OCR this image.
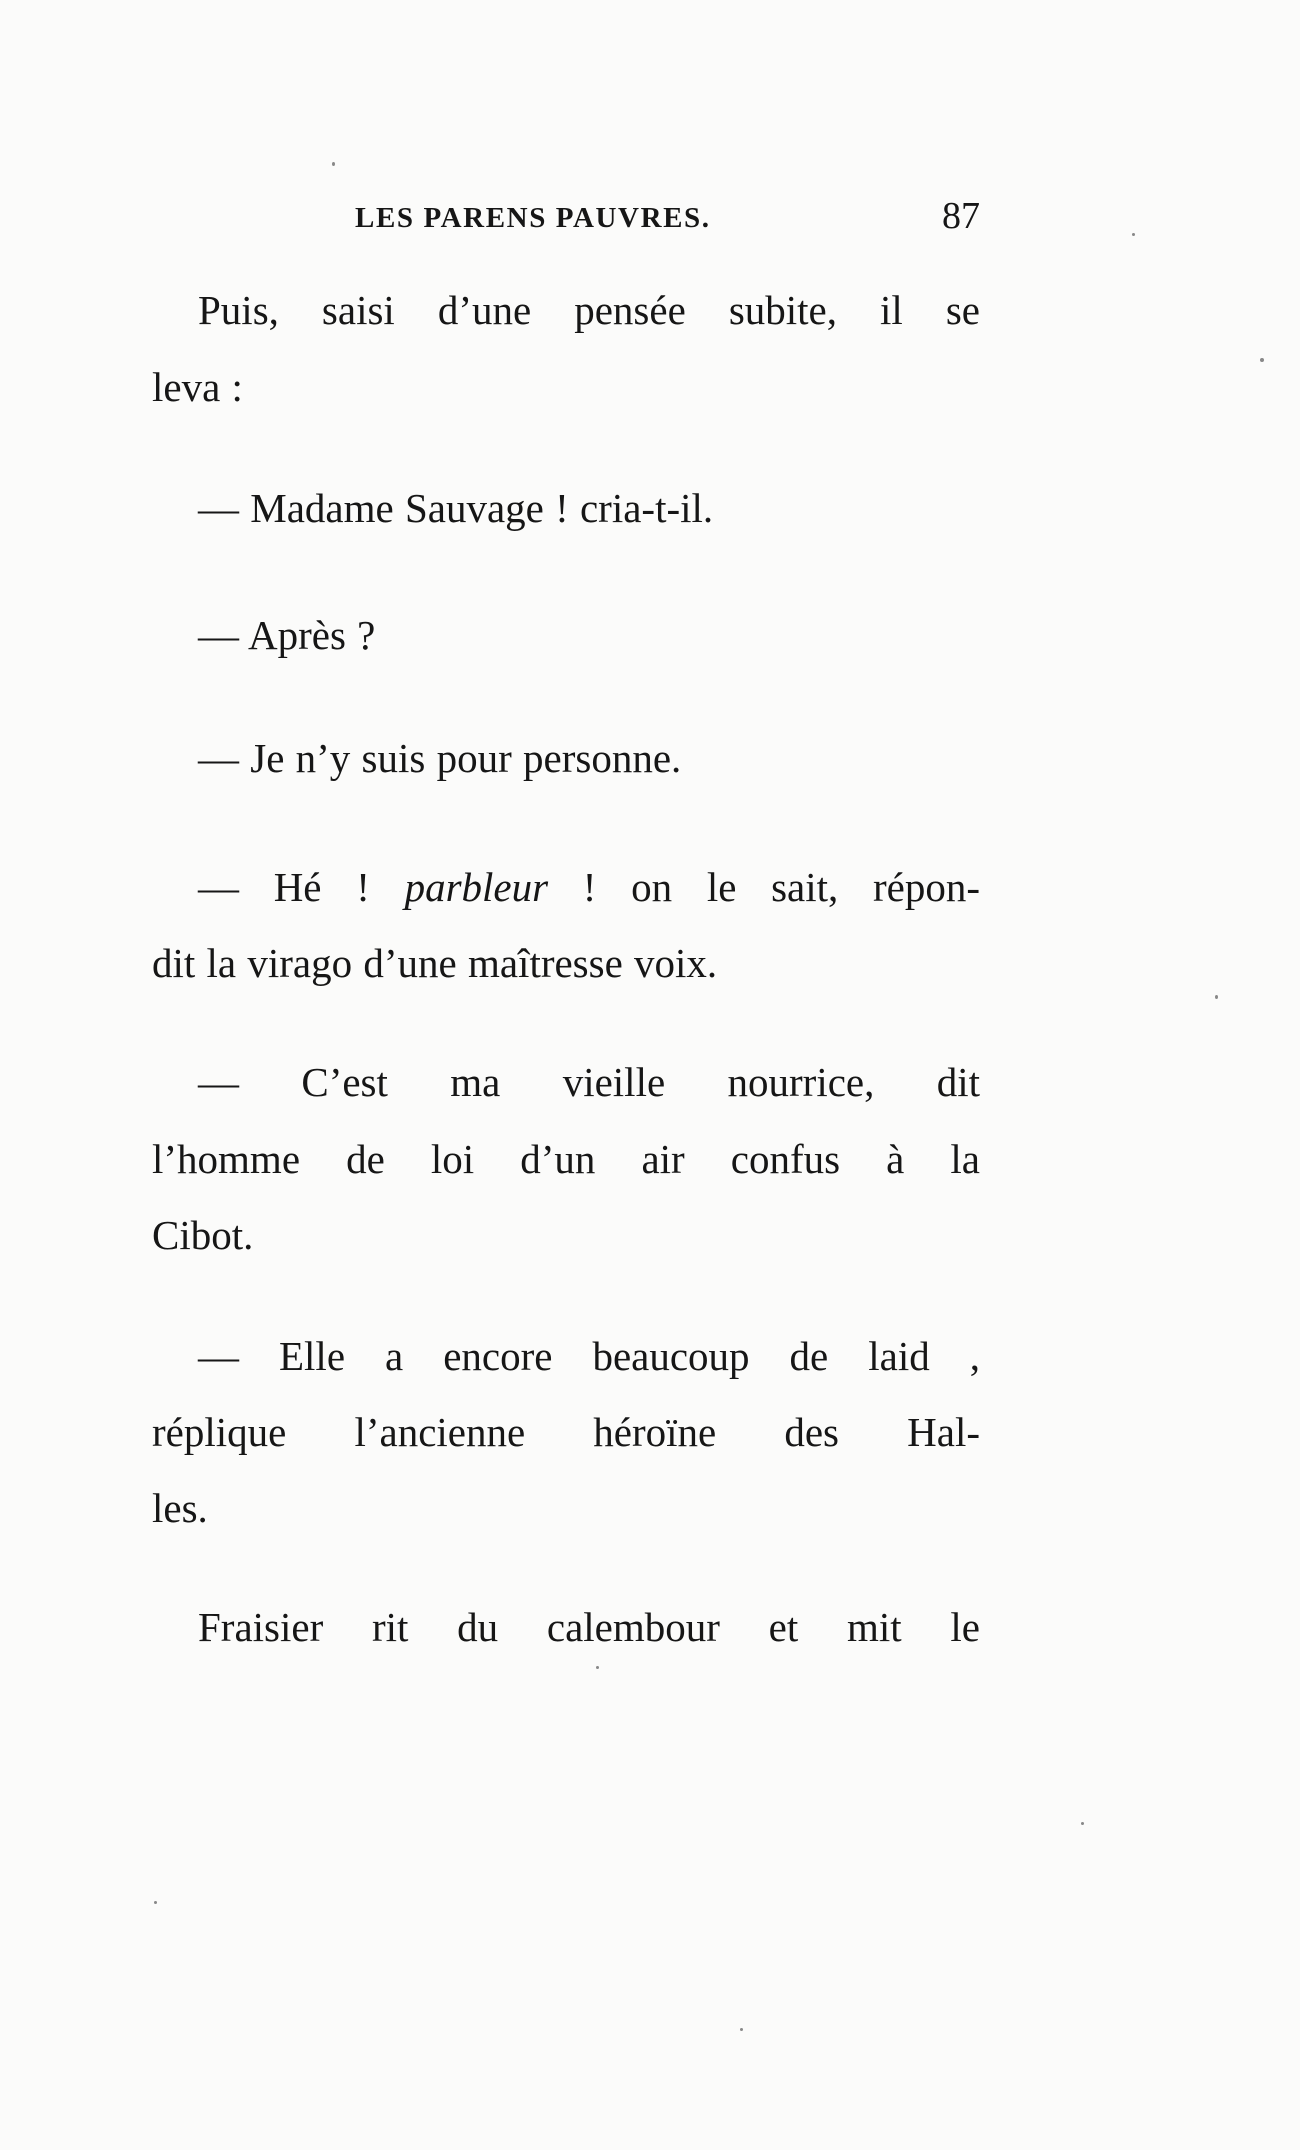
LES PARENS PAUVRES.	87
Puis, saisi d’une pensée subite, il se
leva :
— Madame Sauvage ! cria-t-il.
— Après ?
— Je n’y suis pour personne.
— Hé ! parbleur ! on le sait, répon-
dit la virago d’une maîtresse voix.
— C’est ma vieille nourrice, dit
l’homme de loi d’un air confus à la
Cibot.
— Elle a encore beaucoup de laid ,
réplique l’ancienne héroïne des Hal-
les.
Fraisier rit du calembour et mit le
